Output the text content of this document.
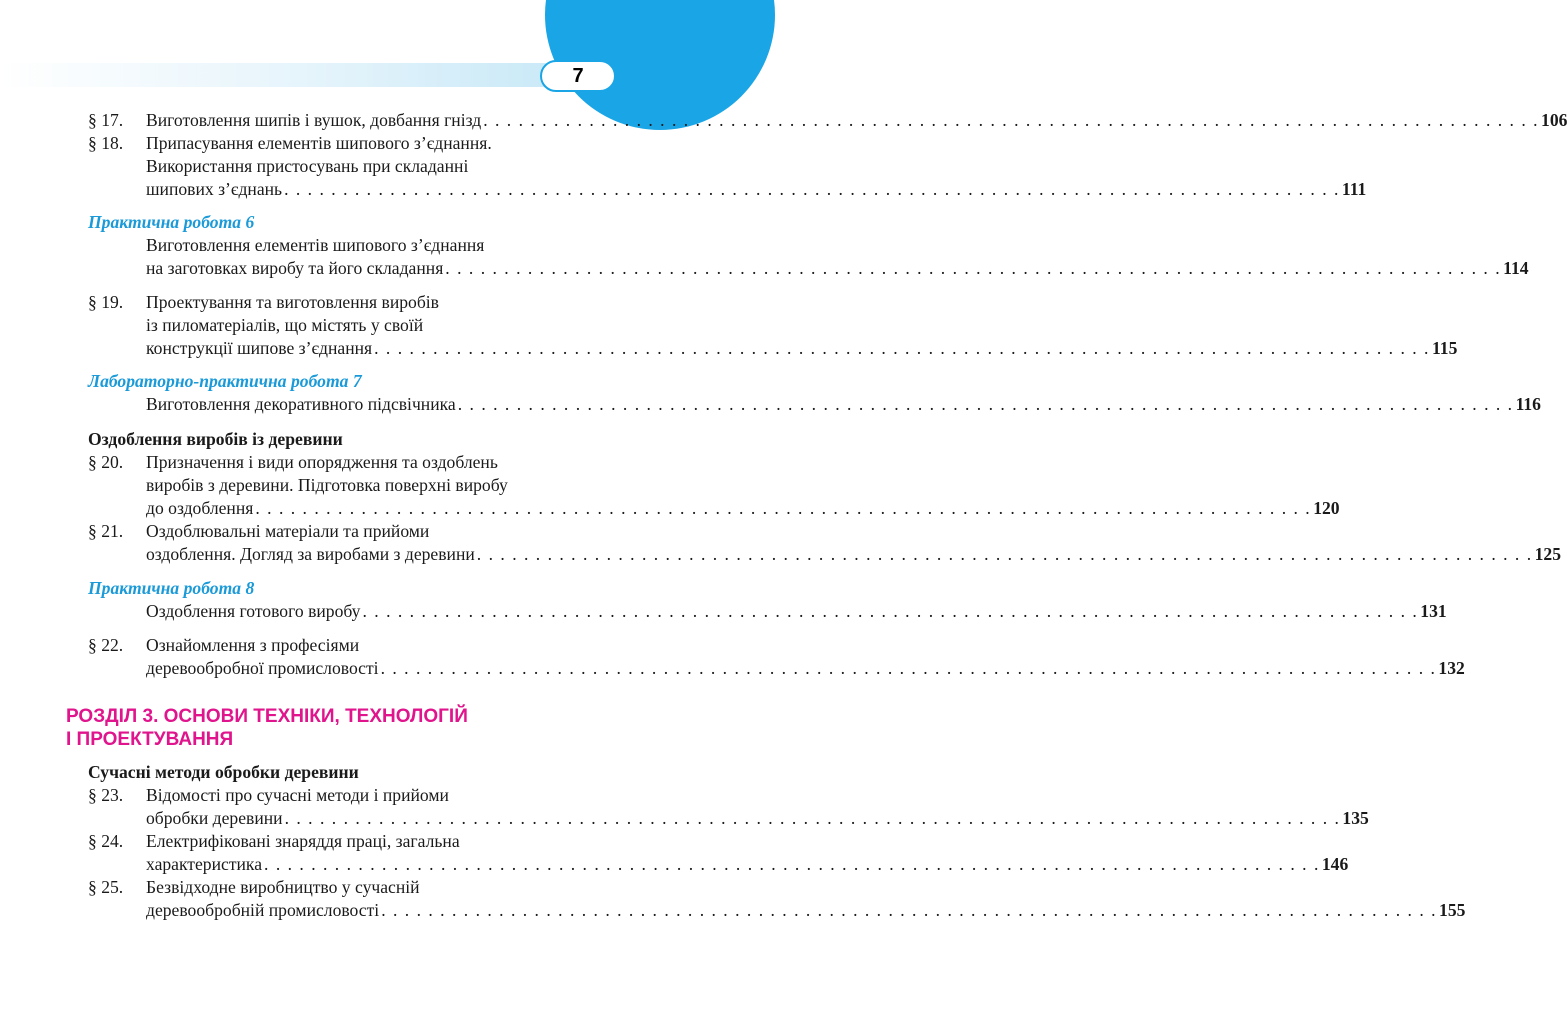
7
§ 17. Виготовлення шипів і вушок, довбання гнізд . . . . . . . . . . . . . . . . . . . . . . . . . . . . . . . . . . . . . . . . . . . . . . . . . . . . . . . . . . . . . . . . . . . . . . . . . . . . . . . . . . . . . . . . . . 106
§ 18. Припасування елементів шипового з’єднання.
Використання пристосувань при складанні
шипових з’єднань . . . . . . . . . . . . . . . . . . . . . . . . . . . . . . . . . . . . . . . . . . . . . . . . . . . . . . . . . . . . . . . . . . . . . . . . . . . . . . . . . . . . . . . . . . 111
Практична робота 6
Виготовлення елементів шипового з’єднання
на заготовках виробу та його складання . . . . . . . . . . . . . . . . . . . . . . . . . . . . . . . . . . . . . . . . . . . . . . . . . . . . . . . . . . . . . . . . . . . . . . . . . . . . . . . . . . . . . . . . . . 114
§ 19. Проектування та виготовлення виробів
із пиломатеріалів, що містять у своїй
конструкції шипове з’єднання . . . . . . . . . . . . . . . . . . . . . . . . . . . . . . . . . . . . . . . . . . . . . . . . . . . . . . . . . . . . . . . . . . . . . . . . . . . . . . . . . . . . . . . . . . 115
Лабораторно-практична робота 7
Виготовлення декоративного підсвічника . . . . . . . . . . . . . . . . . . . . . . . . . . . . . . . . . . . . . . . . . . . . . . . . . . . . . . . . . . . . . . . . . . . . . . . . . . . . . . . . . . . . . . . . . . 116
Оздоблення виробів із деревини
§ 20. Призначення і види опорядження та оздоблень
виробів з деревини. Підготовка поверхні виробу
до оздоблення . . . . . . . . . . . . . . . . . . . . . . . . . . . . . . . . . . . . . . . . . . . . . . . . . . . . . . . . . . . . . . . . . . . . . . . . . . . . . . . . . . . . . . . . . . 120
§ 21. Оздоблювальні матеріали та прийоми
оздоблення. Догляд за виробами з деревини . . . . . . . . . . . . . . . . . . . . . . . . . . . . . . . . . . . . . . . . . . . . . . . . . . . . . . . . . . . . . . . . . . . . . . . . . . . . . . . . . . . . . . . . . . 125
Практична робота 8
Оздоблення готового виробу . . . . . . . . . . . . . . . . . . . . . . . . . . . . . . . . . . . . . . . . . . . . . . . . . . . . . . . . . . . . . . . . . . . . . . . . . . . . . . . . . . . . . . . . . . 131
§ 22. Ознайомлення з професіями
деревообробної промисловості . . . . . . . . . . . . . . . . . . . . . . . . . . . . . . . . . . . . . . . . . . . . . . . . . . . . . . . . . . . . . . . . . . . . . . . . . . . . . . . . . . . . . . . . . . 132
РОЗДІЛ 3. ОСНОВИ ТЕХНІКИ, ТЕХНОЛОГІЙ
І ПРОЕКТУВАННЯ
Сучасні методи обробки деревини
§ 23. Відомості про сучасні методи і прийоми
обробки деревини . . . . . . . . . . . . . . . . . . . . . . . . . . . . . . . . . . . . . . . . . . . . . . . . . . . . . . . . . . . . . . . . . . . . . . . . . . . . . . . . . . . . . . . . . . 135
§ 24. Електрифіковані знаряддя праці, загальна
характеристика . . . . . . . . . . . . . . . . . . . . . . . . . . . . . . . . . . . . . . . . . . . . . . . . . . . . . . . . . . . . . . . . . . . . . . . . . . . . . . . . . . . . . . . . . . 146
§ 25. Безвідходне виробництво у сучасній
деревообробній промисловості . . . . . . . . . . . . . . . . . . . . . . . . . . . . . . . . . . . . . . . . . . . . . . . . . . . . . . . . . . . . . . . . . . . . . . . . . . . . . . . . . . . . . . . . . . 155
